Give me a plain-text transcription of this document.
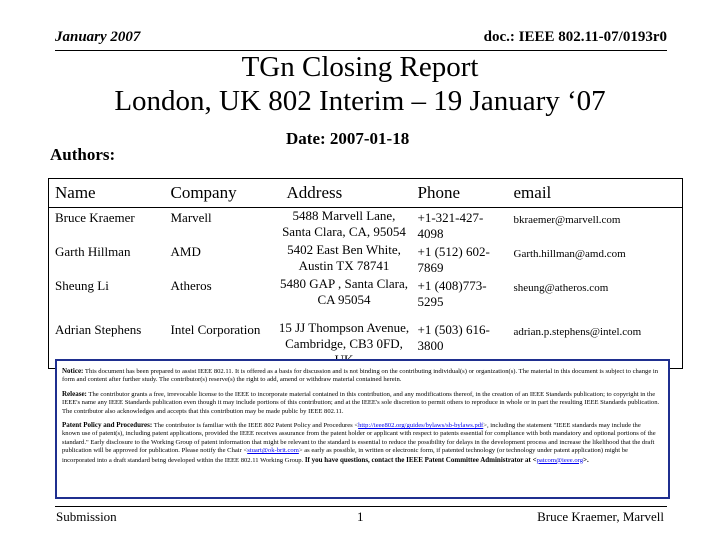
January 2007	doc.: IEEE 802.11-07/0193r0
TGn Closing Report
London, UK 802 Interim – 19 January ‘07
Date: 2007-01-18
Authors:
Name	Company	Address	Phone	email
Bruce Kraemer	Marvell	5488 Marvell Lane, Santa Clara, CA, 95054	+1-321-427-4098	bkraemer@marvell.com
Garth Hillman	AMD	5402 East Ben White, Austin TX 78741	+1 (512) 602-7869	Garth.hillman@amd.com
Sheung Li	Atheros	5480 GAP , Santa Clara, CA 95054	+1 (408)773-5295	sheung@atheros.com
Adrian Stephens	Intel Corporation	15 JJ Thompson Avenue, Cambridge, CB3 0FD,	+1 (503) 616-3800	adrian.p.stephens@intel.com

Notice: This document has been prepared to assist IEEE 802.11. It is offered as a basis for discussion and is not binding on the contributing individual(s) or organization(s). The material in this document is subject to change in form and content after further study. The contributor(s) reserve(s) the right to add, amend or withdraw material contained herein.

Release: The contributor grants a free, irrevocable license to the IEEE to incorporate material contained in this contribution, and any modifications thereof, in the creation of an IEEE Standards publication; to copyright in the IEEE's name any IEEE Standards publication even though it may include portions of this contribution; and at the IEEE's sole discretion to permit others to reproduce in whole or in part the resulting IEEE Standards publication. The contributor also acknowledges and accepts that this contribution may be made public by IEEE 802.11.

Patent Policy and Procedures: The contributor is familiar with the IEEE 802 Patent Policy and Procedures <http://ieee802.org/guides/bylaws/sb-bylaws.pdf>, including the statement "IEEE standards may include the known use of patent(s), including patent applications, provided the IEEE receives assurance from the patent holder or applicant with respect to patents essential for compliance with both mandatory and optional portions of the standard." Early disclosure to the Working Group of patent information that might be relevant to the standard is essential to reduce the possibility for delays in the development process and increase the likelihood that the draft publication will be approved for publication. Please notify the Chair <stuart@ok-brit.com> as early as possible, in written or electronic form, if patented technology (or technology under patent application) might be incorporated into a draft standard being developed within the IEEE 802.11 Working Group. If you have questions, contact the IEEE Patent Committee Administrator at <patcom@ieee.org>.

Submission	1	Bruce Kraemer, Marvell
